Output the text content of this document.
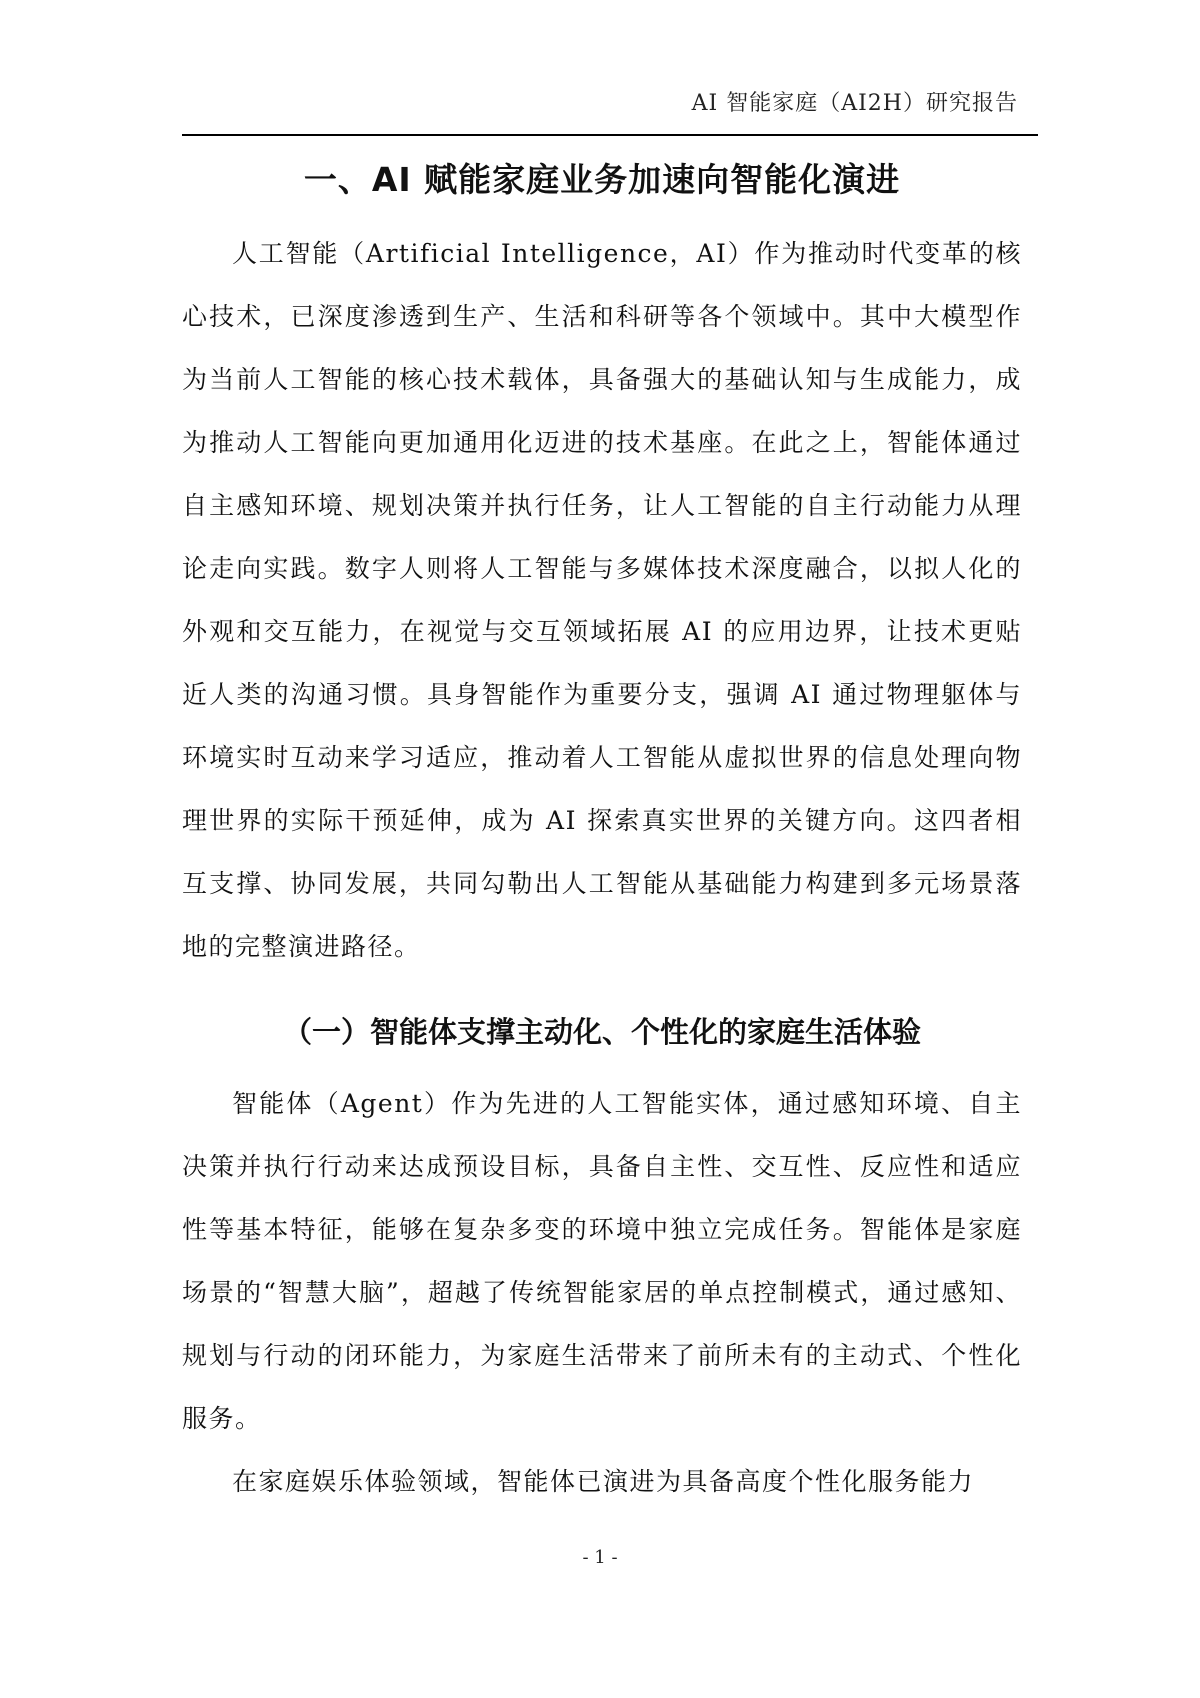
AI 智能家庭（AI2H）研究报告
一、AI 赋能家庭业务加速向智能化演进

人工智能（Artificial Intelligence，AI）作为推动时代变革的核心技术，已深度渗透到生产、生活和科研等各个领域中。其中大模型作为当前人工智能的核心技术载体，具备强大的基础认知与生成能力，成为推动人工智能向更加通用化迈进的技术基座。在此之上，智能体通过自主感知环境、规划决策并执行任务，让人工智能的自主行动能力从理论走向实践。数字人则将人工智能与多媒体技术深度融合，以拟人化的外观和交互能力，在视觉与交互领域拓展 AI 的应用边界，让技术更贴近人类的沟通习惯。具身智能作为重要分支，强调 AI 通过物理躯体与环境实时互动来学习适应，推动着人工智能从虚拟世界的信息处理向物理世界的实际干预延伸，成为 AI 探索真实世界的关键方向。这四者相互支撑、协同发展，共同勾勒出人工智能从基础能力构建到多元场景落地的完整演进路径。

（一）智能体支撑主动化、个性化的家庭生活体验

智能体（Agent）作为先进的人工智能实体，通过感知环境、自主决策并执行行动来达成预设目标，具备自主性、交互性、反应性和适应性等基本特征，能够在复杂多变的环境中独立完成任务。智能体是家庭场景的“智慧大脑”，超越了传统智能家居的单点控制模式，通过感知、规划与行动的闭环能力，为家庭生活带来了前所未有的主动式、个性化服务。

在家庭娱乐体验领域，智能体已演进为具备高度个性化服务能力

- 1 -
